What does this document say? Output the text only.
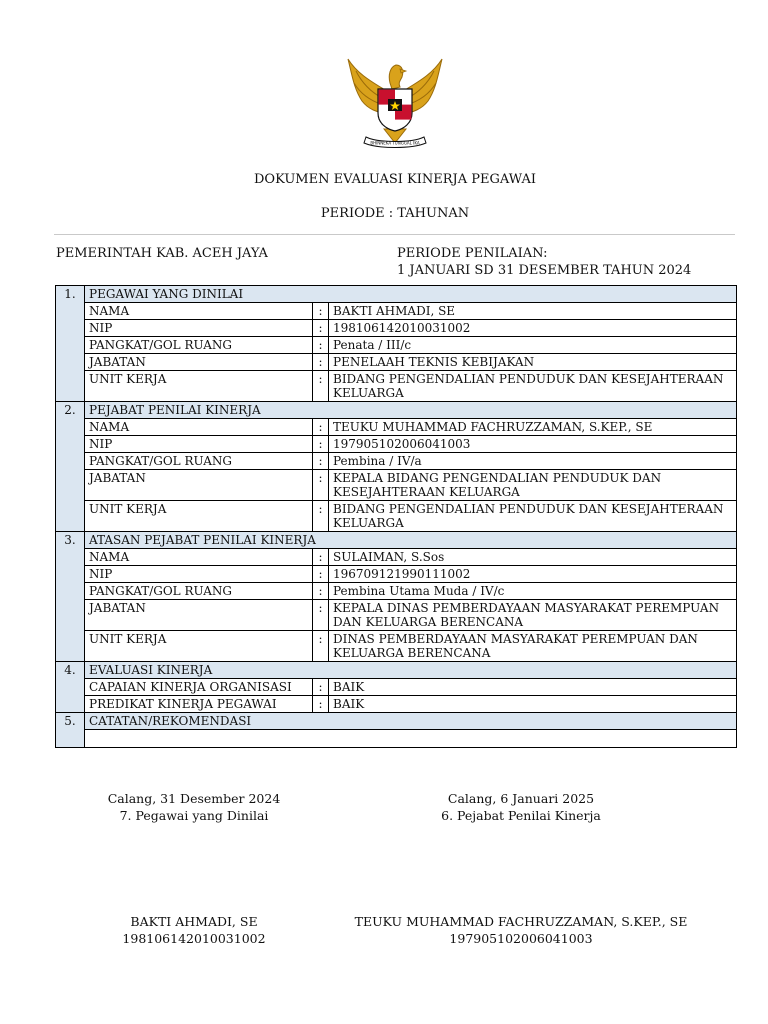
BHINNEKA TUNGGAL IKA
DOKUMEN EVALUASI KINERJA PEGAWAI
PERIODE : TAHUNAN
PEMERINTAH KAB. ACEH JAYA	PERIODE PENILAIAN:
1 JANUARI SD 31 DESEMBER TAHUN 2024
1.	PEGAWAI YANG DINILAI		
	NAMA	:	BAKTI AHMADI, SE
	NIP	:	198106142010031002
	PANGKAT/GOL RUANG	:	Penata / III/c
	JABATAN	:	PENELAAH TEKNIS KEBIJAKAN
	UNIT KERJA	:	BIDANG PENGENDALIAN PENDUDUK DAN KESEJAHTERAAN KELUARGA
2.	PEJABAT PENILAI KINERJA		
	NAMA	:	TEUKU MUHAMMAD FACHRUZZAMAN, S.KEP., SE
	NIP	:	197905102006041003
	PANGKAT/GOL RUANG	:	Pembina / IV/a
	JABATAN	:	KEPALA BIDANG PENGENDALIAN PENDUDUK DAN KESEJAHTERAAN KELUARGA
	UNIT KERJA	:	BIDANG PENGENDALIAN PENDUDUK DAN KESEJAHTERAAN KELUARGA
3.	ATASAN PEJABAT PENILAI KINERJA		
	NAMA	:	SULAIMAN, S.Sos
	NIP	:	196709121990111002
	PANGKAT/GOL RUANG	:	Pembina Utama Muda / IV/c
	JABATAN	:	KEPALA DINAS PEMBERDAYAAN MASYARAKAT PEREMPUAN DAN KELUARGA BERENCANA
	UNIT KERJA	:	DINAS PEMBERDAYAAN MASYARAKAT PEREMPUAN DAN KELUARGA BERENCANA
4.	EVALUASI KINERJA		
	CAPAIAN KINERJA ORGANISASI	:	BAIK
	PREDIKAT KINERJA PEGAWAI	:	BAIK
5.	CATATAN/REKOMENDASI		

Calang, 31 Desember 2024
7. Pegawai yang Dinilai
BAKTI AHMADI, SE
198106142010031002
Calang, 6 Januari 2025
6. Pejabat Penilai Kinerja
TEUKU MUHAMMAD FACHRUZZAMAN, S.KEP., SE
197905102006041003
